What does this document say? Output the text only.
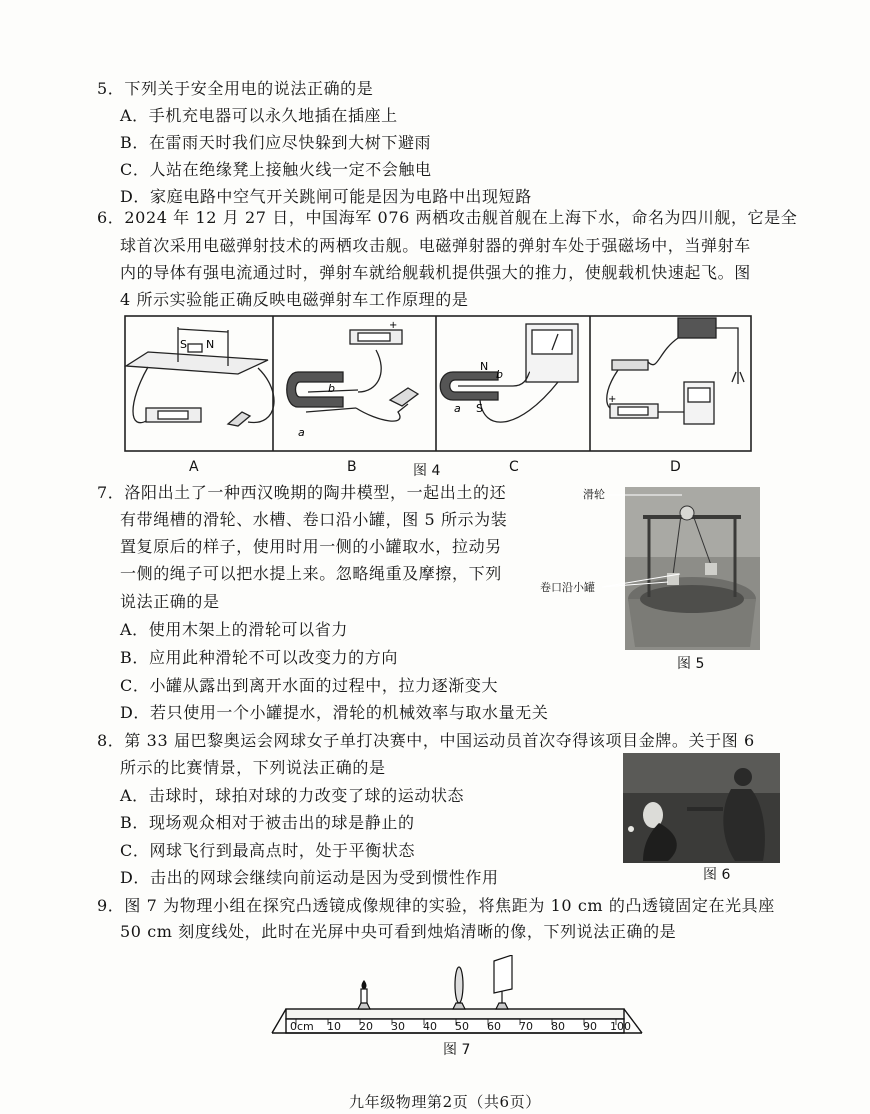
5．下列关于安全用电的说法正确的是
A．手机充电器可以永久地插在插座上
B．在雷雨天时我们应尽快躲到大树下避雨
C．人站在绝缘凳上接触火线一定不会触电
D．家庭电路中空气开关跳闸可能是因为电路中出现短路
6．2024 年 12 月 27 日，中国海军 076 两栖攻击舰首舰在上海下水，命名为四川舰，它是全
球首次采用电磁弹射技术的两栖攻击舰。电磁弹射器的弹射车处于强磁场中，当弹射车
内的导体有强电流通过时，弹射车就给舰载机提供强大的推力，使舰载机快速起飞。图
4 所示实验能正确反映电磁弹射车工作原理的是
S N
+
b
a
N
b
a S
+
A	B	C	D
图 4
7．洛阳出土了一种西汉晚期的陶井模型，一起出土的还
有带绳槽的滑轮、水槽、卷口沿小罐，图 5 所示为装
置复原后的样子，使用时用一侧的小罐取水，拉动另
一侧的绳子可以把水提上来。忽略绳重及摩擦，下列
说法正确的是
A．使用木架上的滑轮可以省力
B．应用此种滑轮不可以改变力的方向
C．小罐从露出到离开水面的过程中，拉力逐渐变大
D．若只使用一个小罐提水，滑轮的机械效率与取水量无关
滑轮
卷口沿小罐
图 5
8．第 33 届巴黎奥运会网球女子单打决赛中，中国运动员首次夺得该项目金牌。关于图 6
所示的比赛情景，下列说法正确的是
A．击球时，球拍对球的力改变了球的运动状态
B．现场观众相对于被击出的球是静止的
C．网球飞行到最高点时，处于平衡状态
D．击出的网球会继续向前运动是因为受到惯性作用	图 6
9．图 7 为物理小组在探究凸透镜成像规律的实验，将焦距为 10 cm 的凸透镜固定在光具座
50 cm 刻度线处，此时在光屏中央可看到烛焰清晰的像，下列说法正确的是
0cm 10 20 30 40 50 60 70 80 90 100
图 7
九年级物理第2页（共6页）
